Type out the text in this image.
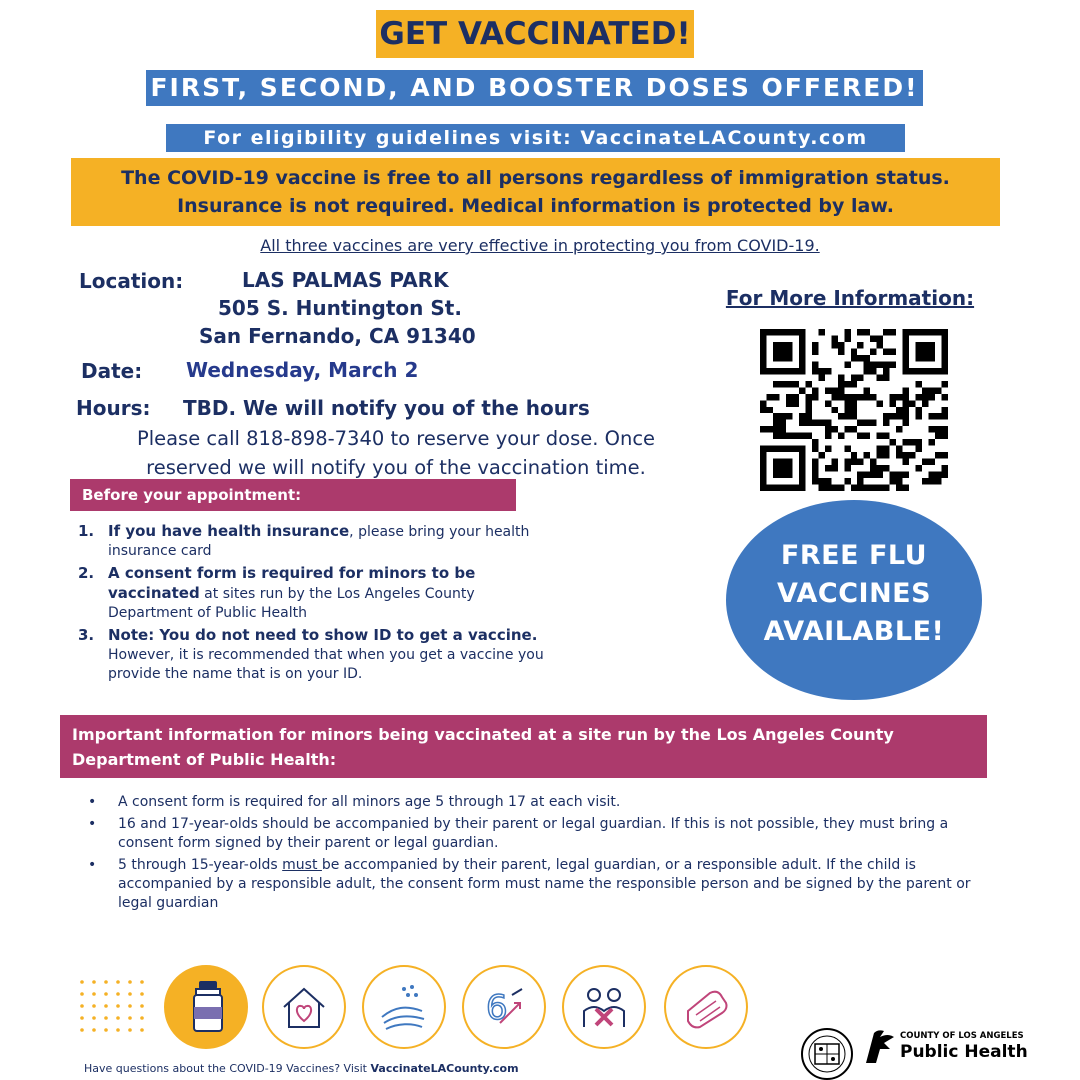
GET VACCINATED!
FIRST, SECOND, AND BOOSTER DOSES OFFERED!
For eligibility guidelines visit: VaccinateLACounty.com
The COVID-19 vaccine is free to all persons regardless of immigration status.
Insurance is not required. Medical information is protected by law.
All three vaccines are very effective in protecting you from COVID-19.
Location:	LAS PALMAS PARK
505 S. Huntington St.
San Fernando, CA 91340
Date: Wednesday, March 2
Hours: TBD. We will notify you of the hours
Please call 818-898-7340 to reserve your dose. Once
reserved we will notify you of the vaccination time.
For More Information:
FREE FLU
VACCINES
AVAILABLE!
Before your appointment:
1. If you have health insurance, please bring your health insurance card
2. A consent form is required for minors to be vaccinated at sites run by the Los Angeles County Department of Public Health
3. Note: You do not need to show ID to get a vaccine. However, it is recommended that when you get a vaccine you provide the name that is on your ID.
Important information for minors being vaccinated at a site run by the Los Angeles County Department of Public Health:
•	A consent form is required for all minors age 5 through 17 at each visit.
•	16 and 17-year-olds should be accompanied by their parent or legal guardian. If this is not possible, they must bring a consent form signed by their parent or legal guardian.
•	5 through 15-year-olds must be accompanied by their parent, legal guardian, or a responsible adult. If the child is accompanied by a responsible adult, the consent form must name the responsible person and be signed by the parent or legal guardian
6
Have questions about the COVID-19 Vaccines? Visit VaccinateLACounty.com
COUNTY OF LOS ANGELES
Public Health
